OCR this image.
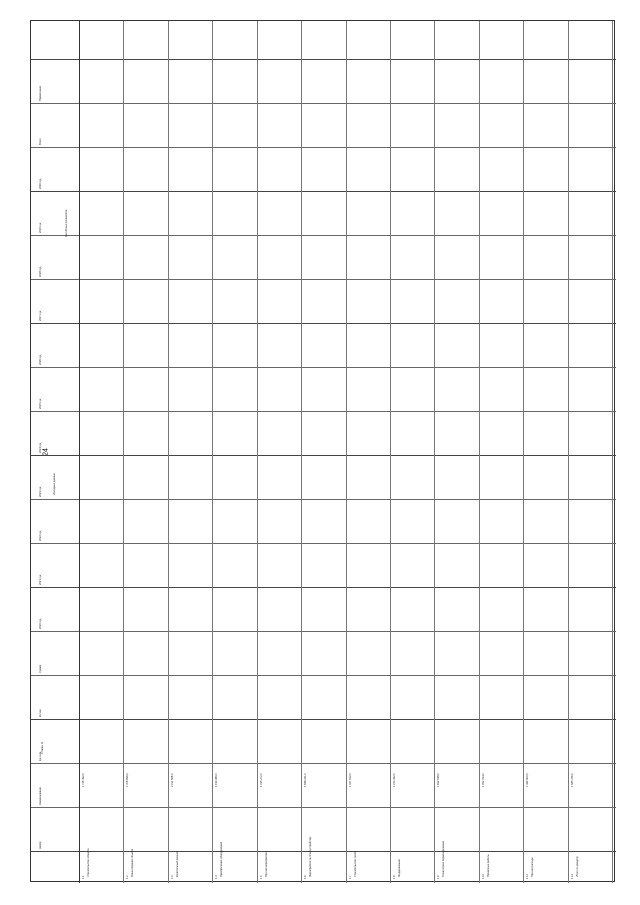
24
Шифр
Наименование
Ед. изм.
Кол-во
Сумма
2020 год
2021 год
2022 год
2023 год
2024 год
2025 год
2026 год
2027 год
2028 год
2029 год
2030 год
Всего
Примечание
1.1
Строительство объекта
1 726 492,0
1.2
Реконструкция объекта
1 476 836,0
1.3
Капитальный ремонт
2 011 568,0
1.4
Приобретение оборудования
1 193 480,0
1.5
Прочие мероприятия
1 315 272,0
1.6
Мероприятия по благоустройству
1 848 221,0
1.7
Строительство сетей
1 327 612,0
1.8
Модернизация
1 210 432,0
1.9
Техническое перевооружение
1 632 048,0
1.10 Проектные работы
1 052 314,0
1.11 Прочие расходы
1 442 900,0
1.12 Итого по разделу
1 585 766,0
Ставки, %
Исходные данные
Расчётные показатели
